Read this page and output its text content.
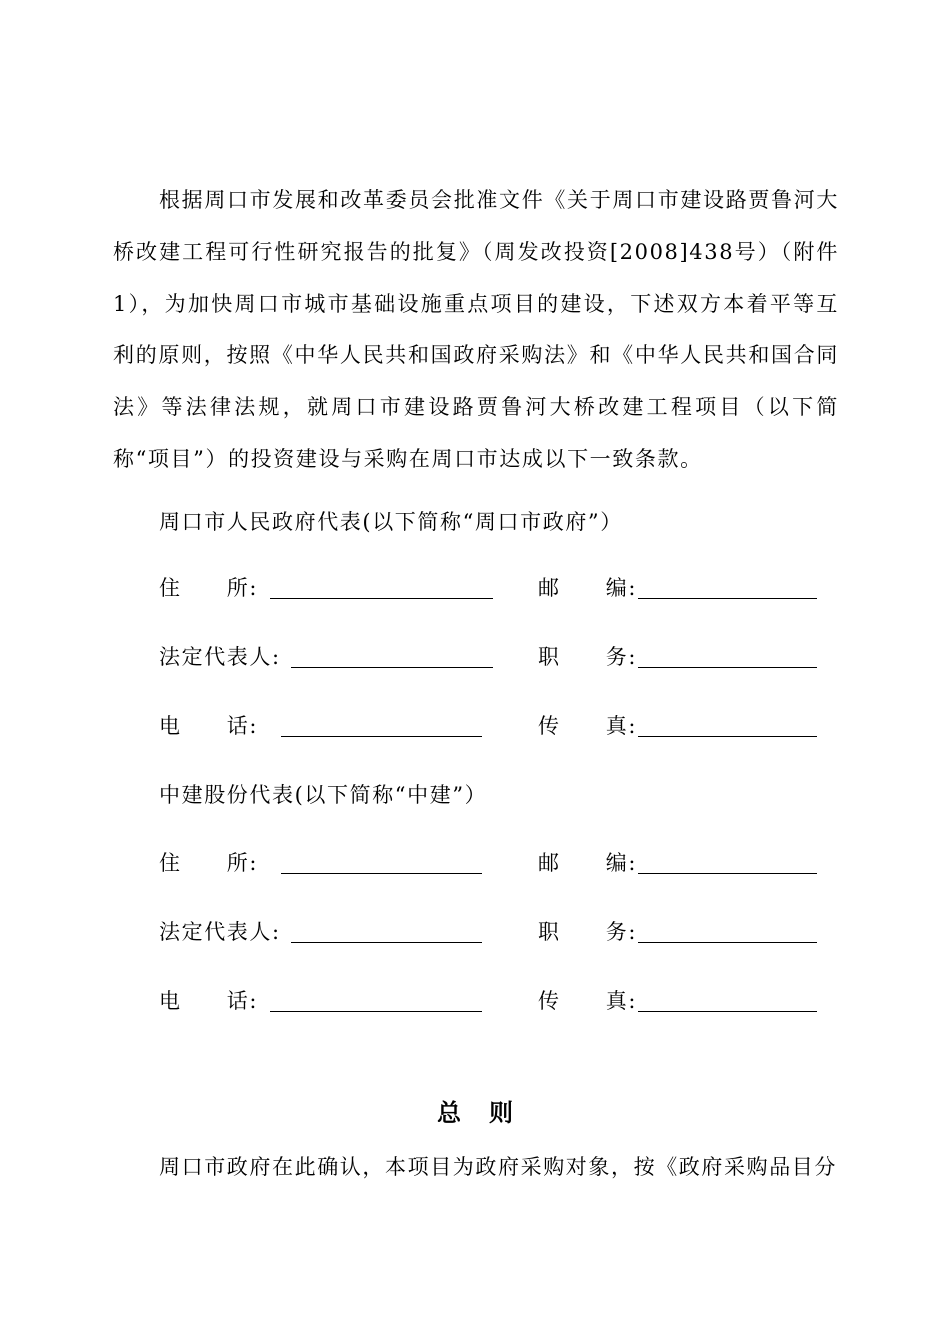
根据周口市发展和改革委员会批准文件《关于周口市建设路贾鲁河大桥改建工程可行性研究报告的批复》（周发改投资[2008]438号）（附件1），为加快周口市城市基础设施重点项目的建设，下述双方本着平等互利的原则，按照《中华人民共和国政府采购法》和《中华人民共和国合同法》等法律法规，就周口市建设路贾鲁河大桥改建工程项目（以下简称“项目”）的投资建设与采购在周口市达成以下一致条款。

周口市人民政府代表(以下简称“周口市政府”）

住　　所:	邮　　编:
法定代表人:	职　　务:
电　　话:	传　　真:

中建股份代表(以下简称“中建”）

住　　所:	邮　　编:
法定代表人:	职　　务:
电　　话:	传　　真:
总则

周口市政府在此确认，本项目为政府采购对象，按《政府采购品目分
